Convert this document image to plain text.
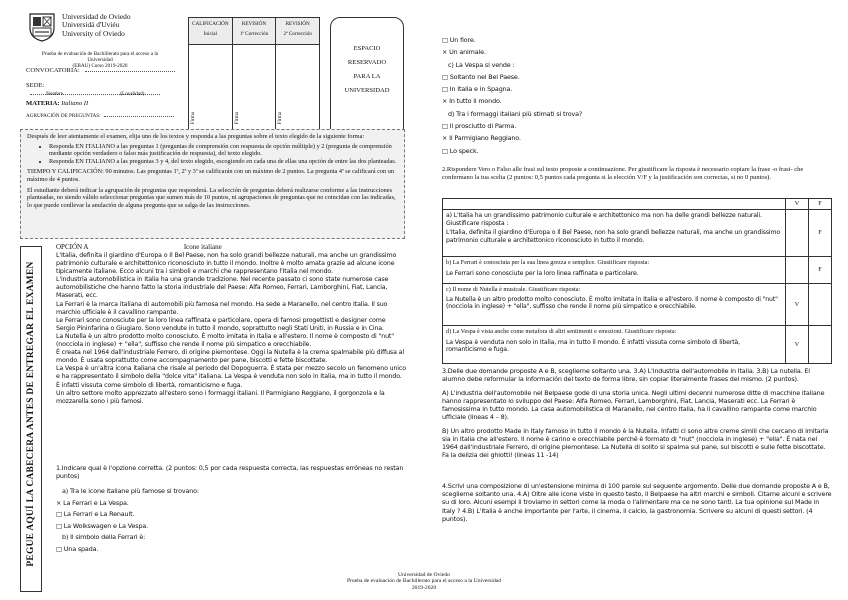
Universidad de Oviedo
Universidá d'Uviéu
University of Oviedo
Prueba de evaluación de Bachillerato para el acceso a la Universidad
(EBAU) Curso 2019-2020
CONVOCATORIA:
SEDE:
Nombre	(Localidad)
MATERIA: Italiano II
AGRUPACIÓN DE PREGUNTAS:
CALIFICACIÓN
Inicial
REVISIÓN
1ª Corrección
REVISIÓN
2ª Corrección
Firma	Firma	Firma
ESPACIO
RESERVADO
PARA LA
UNIVERSIDAD

Después de leer atentamente el examen, elija uno de los textos y responda a las preguntas sobre el texto elegido de la siguiente forma:

• Responda EN ITALIANO a las preguntas 1 (preguntas de comprensión con respuesta de opción múltiple) y 2 (pregunta de comprensión mediante opción verdadero o falso más justificación de respuesta), del texto elegido.
• Responda EN ITALIANO a las preguntas 3 y 4, del texto elegido, escogiendo en cada una de ellas una opción de entre las dos planteadas.

TIEMPO Y CALIFICACIÓN: 90 minutos. Las preguntas 1ª, 2ª y 3ª se calificarán con un máximo de 2 puntos. La pregunta 4ª se calificará con un máximo de 4 puntos.

El estudiante deberá indicar la agrupación de preguntas que responderá. La selección de preguntas deberá realizarse conforme a las instrucciones planteadas, no siendo válido seleccionar preguntas que sumen más de 10 puntos, ni agrupaciones de preguntas que no coincidan con las indicadas, lo que puede conllevar la anulación de alguna pregunta que se salga de las instrucciones.

PEGUE AQUÍ LA CABECERA ANTES DE ENTREGAR EL EXAMEN
OPCIÓN A	Icone italiane

L'Italia, definita il giardino d'Europa o Il Bel Paese, non ha solo grandi bellezze naturali, ma anche un grandissimo patrimonio culturale e architettonico riconosciuto in tutto il mondo. Inoltre è molto amata grazie ad alcune icone tipicamente italiane. Ecco alcuni tra i simboli e marchi che rappresentano l'Italia nel mondo.

L'industria automobilistica in Italia ha una grande tradizione. Nel recente passato ci sono state numerose case automobilistiche che hanno fatto la storia industriale del Paese: Alfa Romeo, Ferrari, Lamborghini, Fiat, Lancia, Maserati, ecc.

La Ferrari è la marca italiana di automobili più famosa nel mondo. Ha sede a Maranello, nel centro Italia. Il suo marchio ufficiale è il cavallino rampante.

Le Ferrari sono conosciute per la loro linea raffinata e particolare, opera di famosi progettisti e designer come Sergio Pininfarina o Giugiaro. Sono vendute in tutto il mondo, soprattutto negli Stati Uniti, in Russia e in Cina.

La Nutella è un altro prodotto molto conosciuto. È molto imitata in Italia e all'estero. Il nome è composto di "nut" (nocciola in inglese) + "ella", suffisso che rende il nome più simpatico e orecchiabile.

È creata nel 1964 dall'industriale Ferrero, di origine piemontese. Oggi la Nutella è la crema spalmabile più diffusa al mondo. È usata soprattutto come accompagnamento per pane, biscotti e fette biscottate.

La Vespa è un'altra icona italiana che risale al periodo del Dopoguerra. È stata per mezzo secolo un fenomeno unico e ha rappresentato il simbolo della "dolce vita" italiana. La Vespa è venduta non solo in Italia, ma in tutto il mondo. È infatti vissuta come simbolo di libertà, romanticismo e fuga.

Un altro settore molto apprezzato all'estero sono i formaggi italiani. Il Parmigiano Reggiano, il gorgonzola e la mozzarella sono i più famosi.

1.Indicare qual è l'opzione corretta. (2 puntos: 0,5 por cada respuesta correcta, las respuestas erróneas no restan puntos)

a) Tra le icone italiane più famose si trovano:
× La Ferrari e La Vespa.
□ La Ferrari e La Renault.
□ La Wolkswagen e La Vespa.
b) Il simbolo della Ferrari è:
□ Una spada.
Universidad de Oviedo
Prueba de evaluación de Bachillerato para el acceso a la Universidad
2019-2020
□ Un fiore.
× Un animale.
c) La Vespa si vende :
□ Soltanto nel Bel Paese.
□ In Italia e in Spagna.
× In tutto il mondo.
d) Tra i formaggi italiani più stimati si trova?
□ Il prosciutto di Parma.
× Il Parmigiano Reggiano.
□ Lo speck.

2.Rispondere Vero o Falso alle frasi sul testo proposte a continuazione. Per giustificare la risposta è necessario copiare la frase -o frasi- che confermano la tua scelta (2 puntos: 0,5 puntos cada pregunta si la elección V/F y la justificación son correctas, si no 0 puntos).

	V	F

a) L'Italia ha un grandissimo patrimonio culturale e architettonico ma non ha delle grandi bellezze naturali. Giustificare risposta :
L'Italia, definita il giardino d'Europa o Il Bel Paese, non ha solo grandi bellezze naturali, ma anche un grandissimo patrimonio culturale e architettonico riconosciuto in tutto il mondo.		F

b) La Ferrari è conosciuta per la sua linea grezza e semplice. Giustificare risposta:
Le Ferrari sono conosciute per la loro linea raffinata e particolare.		F

c) Il nome di Nutella è musicale. Giustificare risposta:
La Nutella è un altro prodotto molto conosciuto. È molto imitata in Italia e all'estero. Il nome è composto di "nut" (nocciola in inglese) + "ella", suffisso che rende il nome più simpatico e orecchiabile.	V	

d) La Vespa è vista anche come metafora di altri sentimenti e emozioni. Giustificare risposta:
La Vespa è venduta non solo in Italia, ma in tutto il mondo. È infatti vissuta come simbolo di libertà, romanticismo e fuga.	V	

3.Delle due domande proposte A e B, sceglierne soltanto una. 3.A) L'industria dell'automobile in Italia. 3.B) La nutella. El alumno debe reformular la información del texto de forma libre, sin copiar literalmente frases del mismo. (2 puntos).

A) L'industria dell'automobile nel Belpaese gode di una storia unica. Negli ultimi decenni numerose ditte di macchine italiane hanno rappresentato lo sviluppo del Paese: Alfa Romeo, Ferrari, Lamborghini, Fiat, Lancia, Maserati ecc. La Ferrari è famosissima in tutto mondo. La casa automobilistica di Maranello, nel centro Italia, ha il cavallino rampante come marchio ufficiale (lineas 4 – 8).

B) Un altro prodotto Made in Italy famoso in tutto il mondo è la Nutella. Infatti ci sono altre creme simili che cercano di imitarla sia in Italia che all'estero. Il nome è carino e orecchiabile perché è formato di "nut" (nocciola in inglese) + "ella". È nata nel 1964 dall'industriale Ferrero, di origine piemontese. La Nutella di solito si spalma sul pane, sui biscotti e sulle fette biscottate. Fa la delizia dei ghiotti! (lineas 11 -14)

4.Scrivi una composizione di un'estensione minima di 100 parole sul seguente argomento. Delle due domande proposte A e B, sceglierne soltanto una. 4.A) Oltre alle icone viste in questo testo, il Belpaese ha altri marchi e simboli. Citarne alcuni e scrivere su di loro. Alcuni esempi li troviamo in settori come la moda o l'alimentare ma ce ne sono tanti. La tua opinione sul Made in Italy ? 4.B) L'Italia è anche importante per l'arte, il cinema, il calcio, la gastronomia. Scrivere su alcuni di questi settori. (4 puntos).
